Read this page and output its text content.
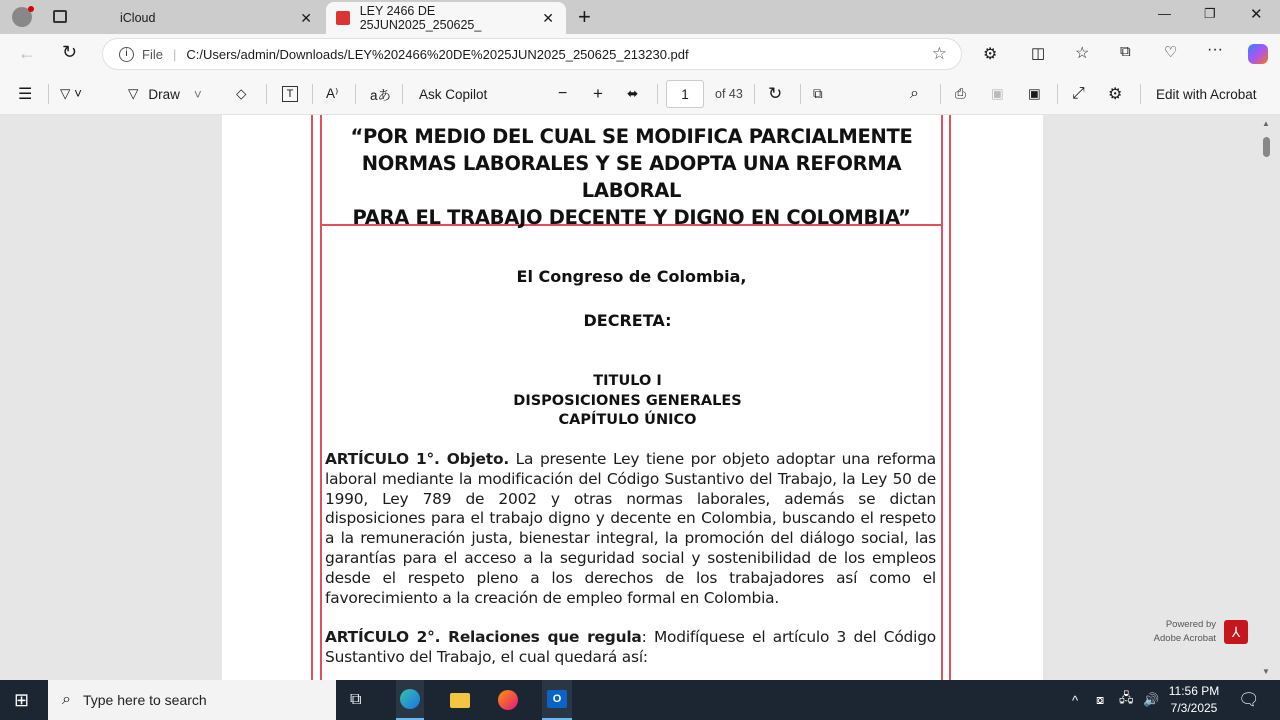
iCloud	✕	LEY 2466 DE 25JUN2025_250625_	✕ +	—	❐ ✕
← ↻	i	File | C:/Users/admin/Downloads/LEY%202466%20DE%2025JUN2025_250625_213230.pdf	☆ ⚙ ◫ ☆ ⧉ ♡ ···
☰ ▽ ˅	▽ Draw ˅	◇	T	A⁾ aあ Ask Copilot	− + ⬌	1	of 43 ↻ ⧉	⌕	⎙ ▣ ▣ ⤢ ⚙ Edit with Acrobat
“POR MEDIO DEL CUAL SE MODIFICA PARCIALMENTE
NORMAS LABORALES Y SE ADOPTA UNA REFORMA LABORAL
PARA EL TRABAJO DECENTE Y DIGNO EN COLOMBIA”
El Congreso de Colombia,
DECRETA:
TITULO I
DISPOSICIONES GENERALES
CAPÍTULO ÚNICO
ARTÍCULO 1°. Objeto. La presente Ley tiene por objeto adoptar una reforma laboral mediante la modificación del Código Sustantivo del Trabajo, la Ley 50 de 1990, Ley 789 de 2002 y otras normas laborales, además se dictan disposiciones para el trabajo digno y decente en Colombia, buscando el respeto a la remuneración justa, bienestar integral, la promoción del diálogo social, las garantías para el acceso a la seguridad social y sostenibilidad de los empleos desde el respeto pleno a los derechos de los trabajadores así como el favorecimiento a la creación de empleo formal en Colombia.
ARTÍCULO 2°. Relaciones que regula: Modifíquese el artículo 3 del Código Sustantivo del Trabajo, el cual quedará así:
Powered by
Adobe Acrobat	⅄
▲
▼
⊞ ⌕ Type here to search	⧉	O	^ ⧇ 🖧 🔊
11:56 PM
7/3/2025 🗨
